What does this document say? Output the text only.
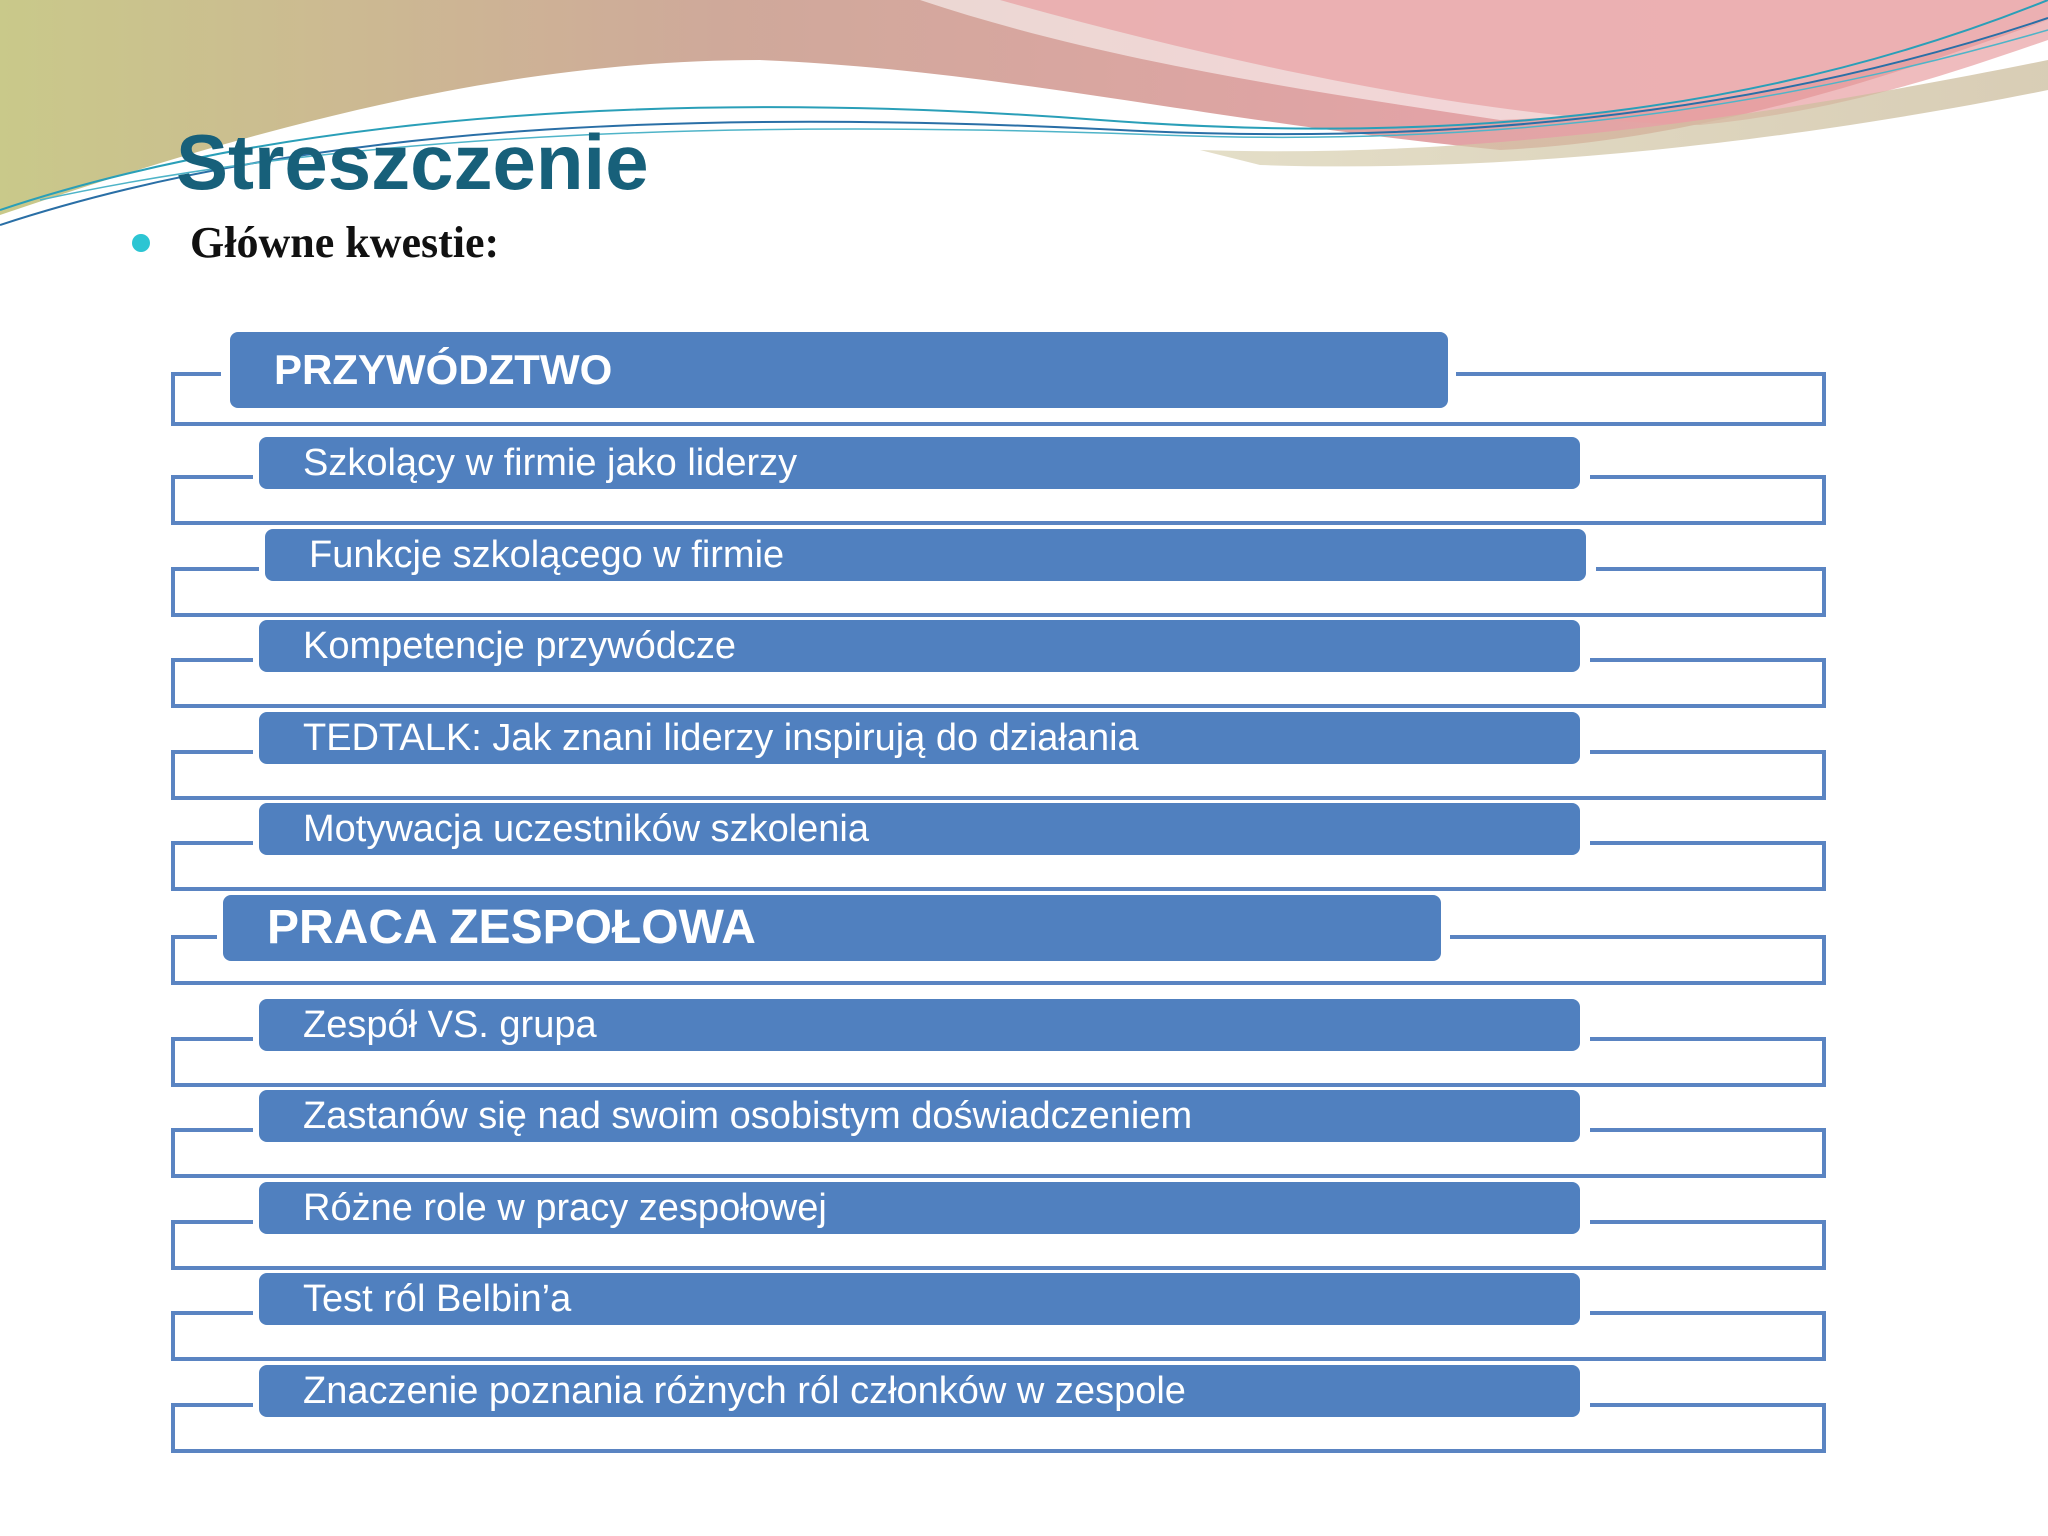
Streszczenie
Główne kwestie:
PRZYWÓDZTWO
Szkolący w firmie jako liderzy
Funkcje szkolącego w firmie
Kompetencje przywódcze
TEDTALK: Jak znani liderzy inspirują do działania
Motywacja uczestników szkolenia
PRACA ZESPOŁOWA
Zespół VS. grupa
Zastanów się nad swoim osobistym doświadczeniem
Różne role w pracy zespołowej
Test ról Belbin’a
Znaczenie poznania różnych ról członków w zespole
